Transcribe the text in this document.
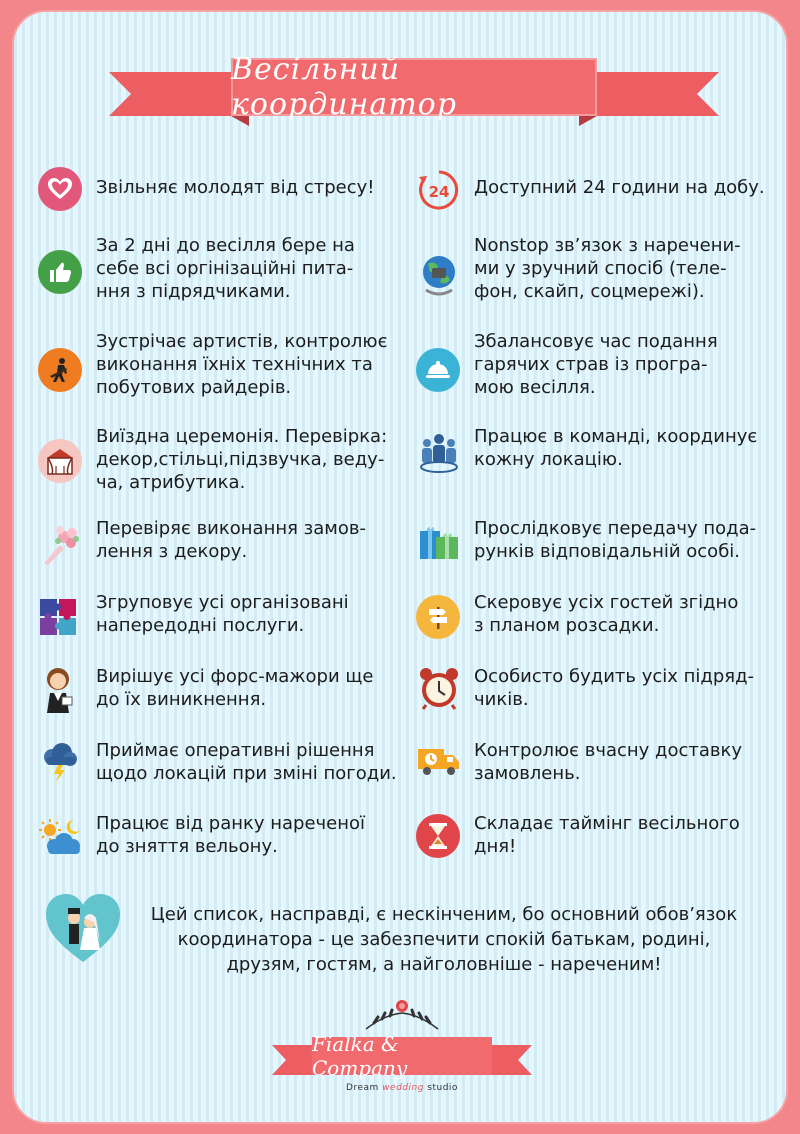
Весільний координатор
Звільняє молодят від стресу!
За 2 дні до весілля бере на
себе всі оргінізаційні пита-
ння з підрядчиками.
Зустрічає артистів, контролює
виконання їхніх технічних та
побутових райдерів.
Виїздна церемонія. Перевірка:
декор,стільці,підзвучка, веду-
ча, атрибутика.
Перевіряє виконання замов-
лення з декору.
Згруповує усі організовані
напередодні послуги.
Вирішує усі форс-мажори ще
до їх виникнення.
Приймає оперативні рішення
щодо локацій при зміні погоди.
Працює від ранку нареченої
до зняття вельону.
24 Доступний 24 години на добу.
Nonstop зв’язок з наречени-
ми у зручний спосіб (теле-
фон, скайп, соцмережі).
Збалансовує час подання
гарячих страв із програ-
мою весілля.
Працює в команді, координує
кожну локацію.
Прослідковує передачу пода-
рунків відповідальній особі.
Скеровує усіх гостей згідно
з планом розсадки.
Особисто будить усіх підряд-
чиків.
Контролює вчасну доставку
замовлень.
Складає таймінг весільного
дня!
Цей список, насправді, є нескінченим, бо основний обов’язок
координатора - це забезпечити спокій батькам, родині,
друзям, гостям, а найголовніше - нареченим!
Fialka & Company
Dream wedding studio
